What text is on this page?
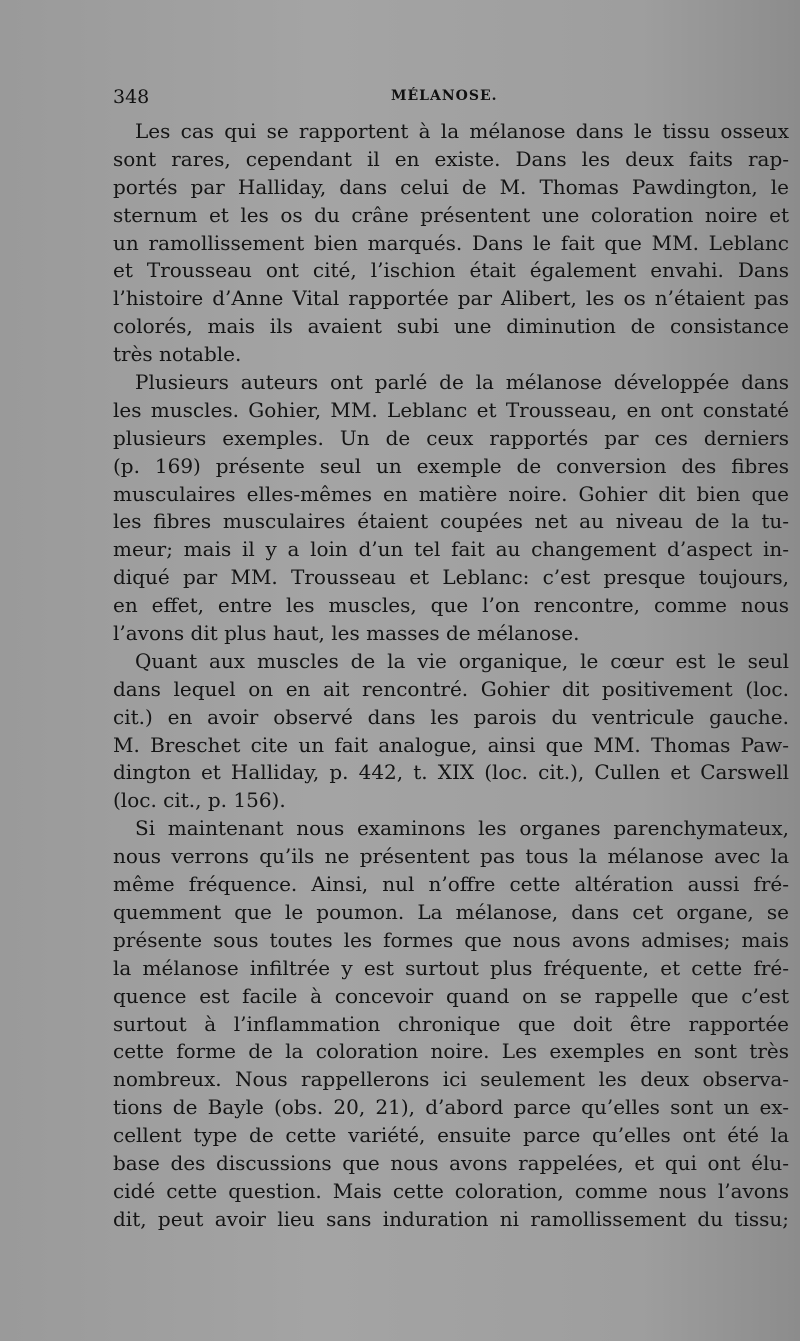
348	MÉLANOSE.
Les cas qui se rapportent à la mélanose dans le tissu osseux
sont rares, cependant il en existe. Dans les deux faits rap-
portés par Halliday, dans celui de M. Thomas Pawdington, le
sternum et les os du crâne présentent une coloration noire et
un ramollissement bien marqués. Dans le fait que MM. Leblanc
et Trousseau ont cité, l’ischion était également envahi. Dans
l’histoire d’Anne Vital rapportée par Alibert, les os n’étaient pas
colorés, mais ils avaient subi une diminution de consistance
très notable.
Plusieurs auteurs ont parlé de la mélanose développée dans
les muscles. Gohier, MM. Leblanc et Trousseau, en ont constaté
plusieurs exemples. Un de ceux rapportés par ces derniers
(p. 169) présente seul un exemple de conversion des fibres
musculaires elles-mêmes en matière noire. Gohier dit bien que
les fibres musculaires étaient coupées net au niveau de la tu-
meur; mais il y a loin d’un tel fait au changement d’aspect in-
diqué par MM. Trousseau et Leblanc: c’est presque toujours,
en effet, entre les muscles, que l’on rencontre, comme nous
l’avons dit plus haut, les masses de mélanose.
Quant aux muscles de la vie organique, le cœur est le seul
dans lequel on en ait rencontré. Gohier dit positivement (loc.
cit.) en avoir observé dans les parois du ventricule gauche.
M. Breschet cite un fait analogue, ainsi que MM. Thomas Paw-
dington et Halliday, p. 442, t. XIX (loc. cit.), Cullen et Carswell
(loc. cit., p. 156).
Si maintenant nous examinons les organes parenchymateux,
nous verrons qu’ils ne présentent pas tous la mélanose avec la
même fréquence. Ainsi, nul n’offre cette altération aussi fré-
quemment que le poumon. La mélanose, dans cet organe, se
présente sous toutes les formes que nous avons admises; mais
la mélanose infiltrée y est surtout plus fréquente, et cette fré-
quence est facile à concevoir quand on se rappelle que c’est
surtout à l’inflammation chronique que doit être rapportée
cette forme de la coloration noire. Les exemples en sont très
nombreux. Nous rappellerons ici seulement les deux observa-
tions de Bayle (obs. 20, 21), d’abord parce qu’elles sont un ex-
cellent type de cette variété, ensuite parce qu’elles ont été la
base des discussions que nous avons rappelées, et qui ont élu-
cidé cette question. Mais cette coloration, comme nous l’avons
dit, peut avoir lieu sans induration ni ramollissement du tissu;
